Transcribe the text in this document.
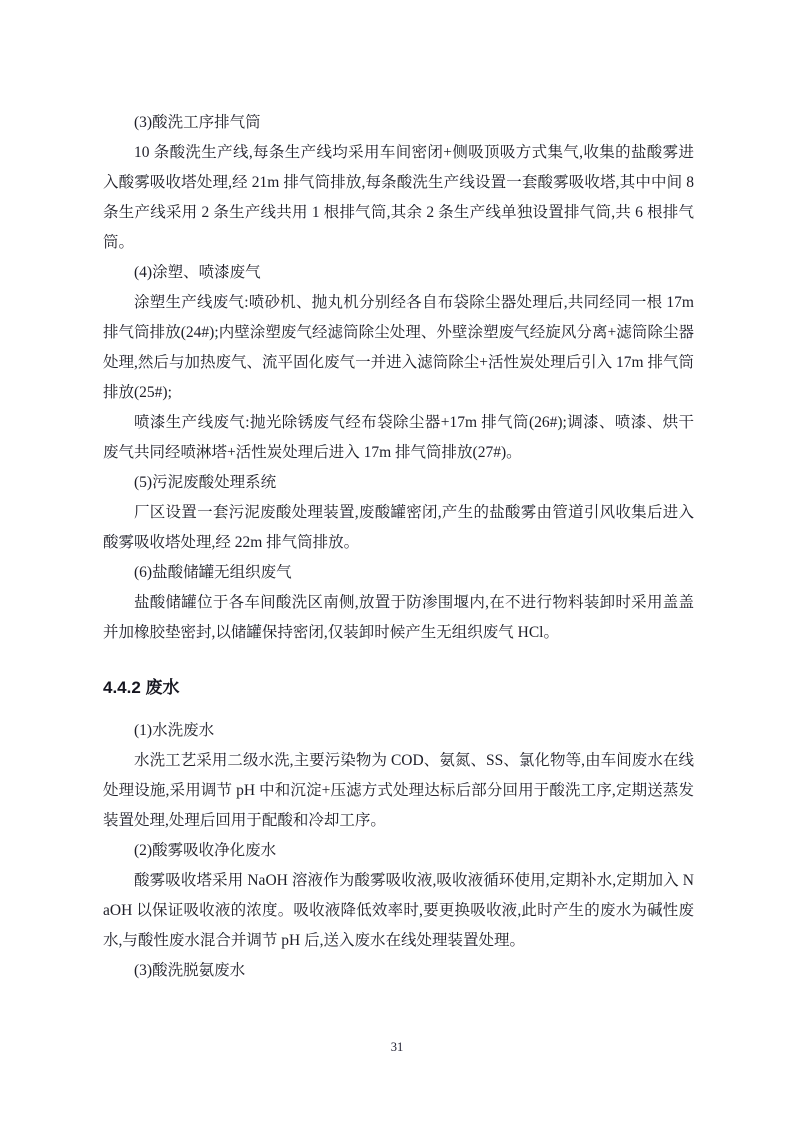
(3)酸洗工序排气筒

10 条酸洗生产线,每条生产线均采用车间密闭+侧吸顶吸方式集气,收集的盐酸雾进入酸雾吸收塔处理,经 21m 排气筒排放,每条酸洗生产线设置一套酸雾吸收塔,其中中间 8 条生产线采用 2 条生产线共用 1 根排气筒,其余 2 条生产线单独设置排气筒,共 6 根排气筒。

(4)涂塑、喷漆废气

涂塑生产线废气:喷砂机、抛丸机分别经各自布袋除尘器处理后,共同经同一根 17m 排气筒排放(24#);内壁涂塑废气经滤筒除尘处理、外壁涂塑废气经旋风分离+滤筒除尘器处理,然后与加热废气、流平固化废气一并进入滤筒除尘+活性炭处理后引入 17m 排气筒排放(25#);

喷漆生产线废气:抛光除锈废气经布袋除尘器+17m 排气筒(26#);调漆、喷漆、烘干废气共同经喷淋塔+活性炭处理后进入 17m 排气筒排放(27#)。

(5)污泥废酸处理系统

厂区设置一套污泥废酸处理装置,废酸罐密闭,产生的盐酸雾由管道引风收集后进入酸雾吸收塔处理,经 22m 排气筒排放。

(6)盐酸储罐无组织废气

盐酸储罐位于各车间酸洗区南侧,放置于防渗围堰内,在不进行物料装卸时采用盖盖并加橡胶垫密封,以储罐保持密闭,仅装卸时候产生无组织废气 HCl。

4.4.2 废水

(1)水洗废水

水洗工艺采用二级水洗,主要污染物为 COD、氨氮、SS、氯化物等,由车间废水在线处理设施,采用调节 pH 中和沉淀+压滤方式处理达标后部分回用于酸洗工序,定期送蒸发装置处理,处理后回用于配酸和冷却工序。

(2)酸雾吸收净化废水

酸雾吸收塔采用 NaOH 溶液作为酸雾吸收液,吸收液循环使用,定期补水,定期加入 NaOH 以保证吸收液的浓度。吸收液降低效率时,要更换吸收液,此时产生的废水为碱性废水,与酸性废水混合并调节 pH 后,送入废水在线处理装置处理。

(3)酸洗脱氨废水

31
